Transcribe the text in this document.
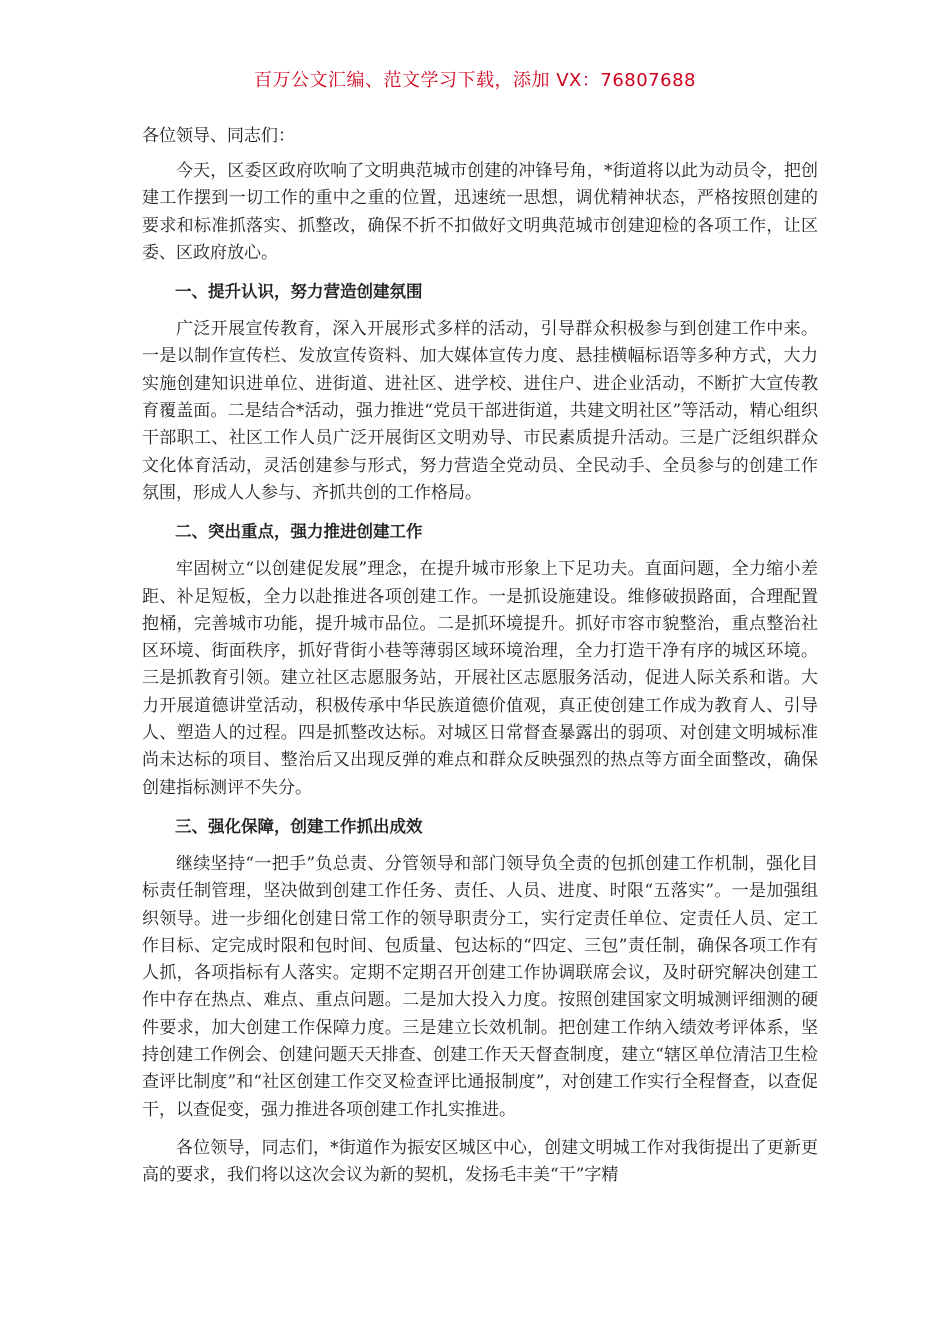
百万公文汇编、范文学习下载，添加 VX：76807688

各位领导、同志们：

今天，区委区政府吹响了文明典范城市创建的冲锋号角，*街道将以此为动员令，把创建工作摆到一切工作的重中之重的位置，迅速统一思想，调优精神状态，严格按照创建的要求和标准抓落实、抓整改，确保不折不扣做好文明典范城市创建迎检的各项工作，让区委、区政府放心。

一、提升认识，努力营造创建氛围

广泛开展宣传教育，深入开展形式多样的活动，引导群众积极参与到创建工作中来。一是以制作宣传栏、发放宣传资料、加大媒体宣传力度、悬挂横幅标语等多种方式，大力实施创建知识进单位、进街道、进社区、进学校、进住户、进企业活动，不断扩大宣传教育覆盖面。二是结合*活动，强力推进“党员干部进街道，共建文明社区”等活动，精心组织干部职工、社区工作人员广泛开展街区文明劝导、市民素质提升活动。三是广泛组织群众文化体育活动，灵活创建参与形式，努力营造全党动员、全民动手、全员参与的创建工作氛围，形成人人参与、齐抓共创的工作格局。

二、突出重点，强力推进创建工作

牢固树立“以创建促发展”理念，在提升城市形象上下足功夫。直面问题，全力缩小差距、补足短板，全力以赴推进各项创建工作。一是抓设施建设。维修破损路面，合理配置抱桶，完善城市功能，提升城市品位。二是抓环境提升。抓好市容市貌整治，重点整治社区环境、街面秩序，抓好背街小巷等薄弱区域环境治理，全力打造干净有序的城区环境。三是抓教育引领。建立社区志愿服务站，开展社区志愿服务活动，促进人际关系和谐。大力开展道德讲堂活动，积极传承中华民族道德价值观，真正使创建工作成为教育人、引导人、塑造人的过程。四是抓整改达标。对城区日常督查暴露出的弱项、对创建文明城标准尚未达标的项目、整治后又出现反弹的难点和群众反映强烈的热点等方面全面整改，确保创建指标测评不失分。

三、强化保障，创建工作抓出成效

继续坚持“一把手”负总责、分管领导和部门领导负全责的包抓创建工作机制，强化目标责任制管理，坚决做到创建工作任务、责任、人员、进度、时限“五落实”。一是加强组织领导。进一步细化创建日常工作的领导职责分工，实行定责任单位、定责任人员、定工作目标、定完成时限和包时间、包质量、包达标的“四定、三包”责任制，确保各项工作有人抓，各项指标有人落实。定期不定期召开创建工作协调联席会议，及时研究解决创建工作中存在热点、难点、重点问题。二是加大投入力度。按照创建国家文明城测评细测的硬件要求，加大创建工作保障力度。三是建立长效机制。把创建工作纳入绩效考评体系，坚持创建工作例会、创建问题天天排查、创建工作天天督查制度，建立“辖区单位清洁卫生检查评比制度”和“社区创建工作交叉检查评比通报制度”，对创建工作实行全程督查，以查促干，以查促变，强力推进各项创建工作扎实推进。

各位领导，同志们，*街道作为振安区城区中心，创建文明城工作对我街提出了更新更高的要求，我们将以这次会议为新的契机，发扬毛丰美“干”字精
